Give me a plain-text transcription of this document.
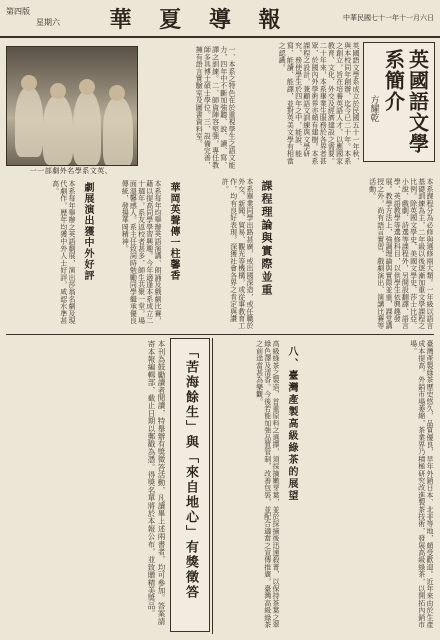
第四版
星期六	華 夏 導 報	中華民國七十一年十一月六日
英國語文學系簡介
方耀乾
英國語文學系成立於民國五十一年秋，與本校同年創辦，迄今已二十年。本系之創立，旨在培養英語人才，以應國家教育、文化、外交及經濟建設之需要。二十年來，本系畢業生服務於各界者甚眾，於國內外學術界亦頗有建樹。本系課程之設計，兼顧語文訓練與文學研究，務使學生於四年之中，能說、能寫、能讀、能譯，並對英美文學有相當之認識。
一一部劇外名學系文英、
一、本系之特色在於重視學生之語文能力，四年中不斷加強聽、說、讀、寫、譯之訓練。二、師資陣容堅強，專任教師多具博士碩士學位。三、設備完善，擁有語言實驗室及圖書資料室。
課程理論與實際並重	本系課程分為必修與選修兩大類。一年級以語言基礎訓練為主，二年級以後逐漸加重文學課程之比例。除英國文學史、美國文學史、莎士比亞、小說、戲劇、詩選等課程外，另開設翻譯、語言學、英語教學等選修科目，以供學生依興趣發展。教學方法上，強調理論與實際並重，課堂講授之外，尚有語言實習、戲劇演出、演講比賽等活動。
本系畢業同學出路甚廣，或出國深造，或任職於外交、新聞、貿易、觀光等機構，或從事教育工作，均有良好表現，深獲社會各界之肯定與讚許。
華岡英聲傳一柱馨香
本系每年均舉辦英語演講、朗誦及戲劇比賽，藉以提高同學學習興趣。今年適逢本系成立二十週年，系友返校者甚多，師生共聚一堂，場面溫馨感人。系主任致詞時勉勵同學繼承優良傳統，發揚華岡精神。
劇展演出獲中外好評
本系每年舉辦之英語劇展，演出莎翁名劇及現代劇作，歷年均獲中外人士好評，咸認水準甚高。
「苦海餘生」與「來自地心」有獎徵答
本刊為鼓勵讀者閱讀，特舉辦有獎徵答活動，凡讀畢上述兩書者，均可參加。答案請寄本報編輯部，截止日期以郵戳為憑。得獎名單將於本報公布，並致贈精美獎品。	臺灣產製綠茶歷史悠久，品質優良，早年外銷日本、北非等地，頗受歡迎。近年來由於生產成本提高，外銷市場萎縮，茶業界乃積極研究改進製茶技術，發展高級綠茶，以開拓內銷市場。
八、臺灣產製高級綠茶的展望
高級綠茶之製造，首重原料之選擇，須採摘嫩芽葉，並於採摘後迅速殺菁，以保持茶葉之翠綠色澤及清香。今後若能加強品質管制，改善包裝，並配合適當之宣傳推廣，臺灣高級綠茶之前途當甚為樂觀。
